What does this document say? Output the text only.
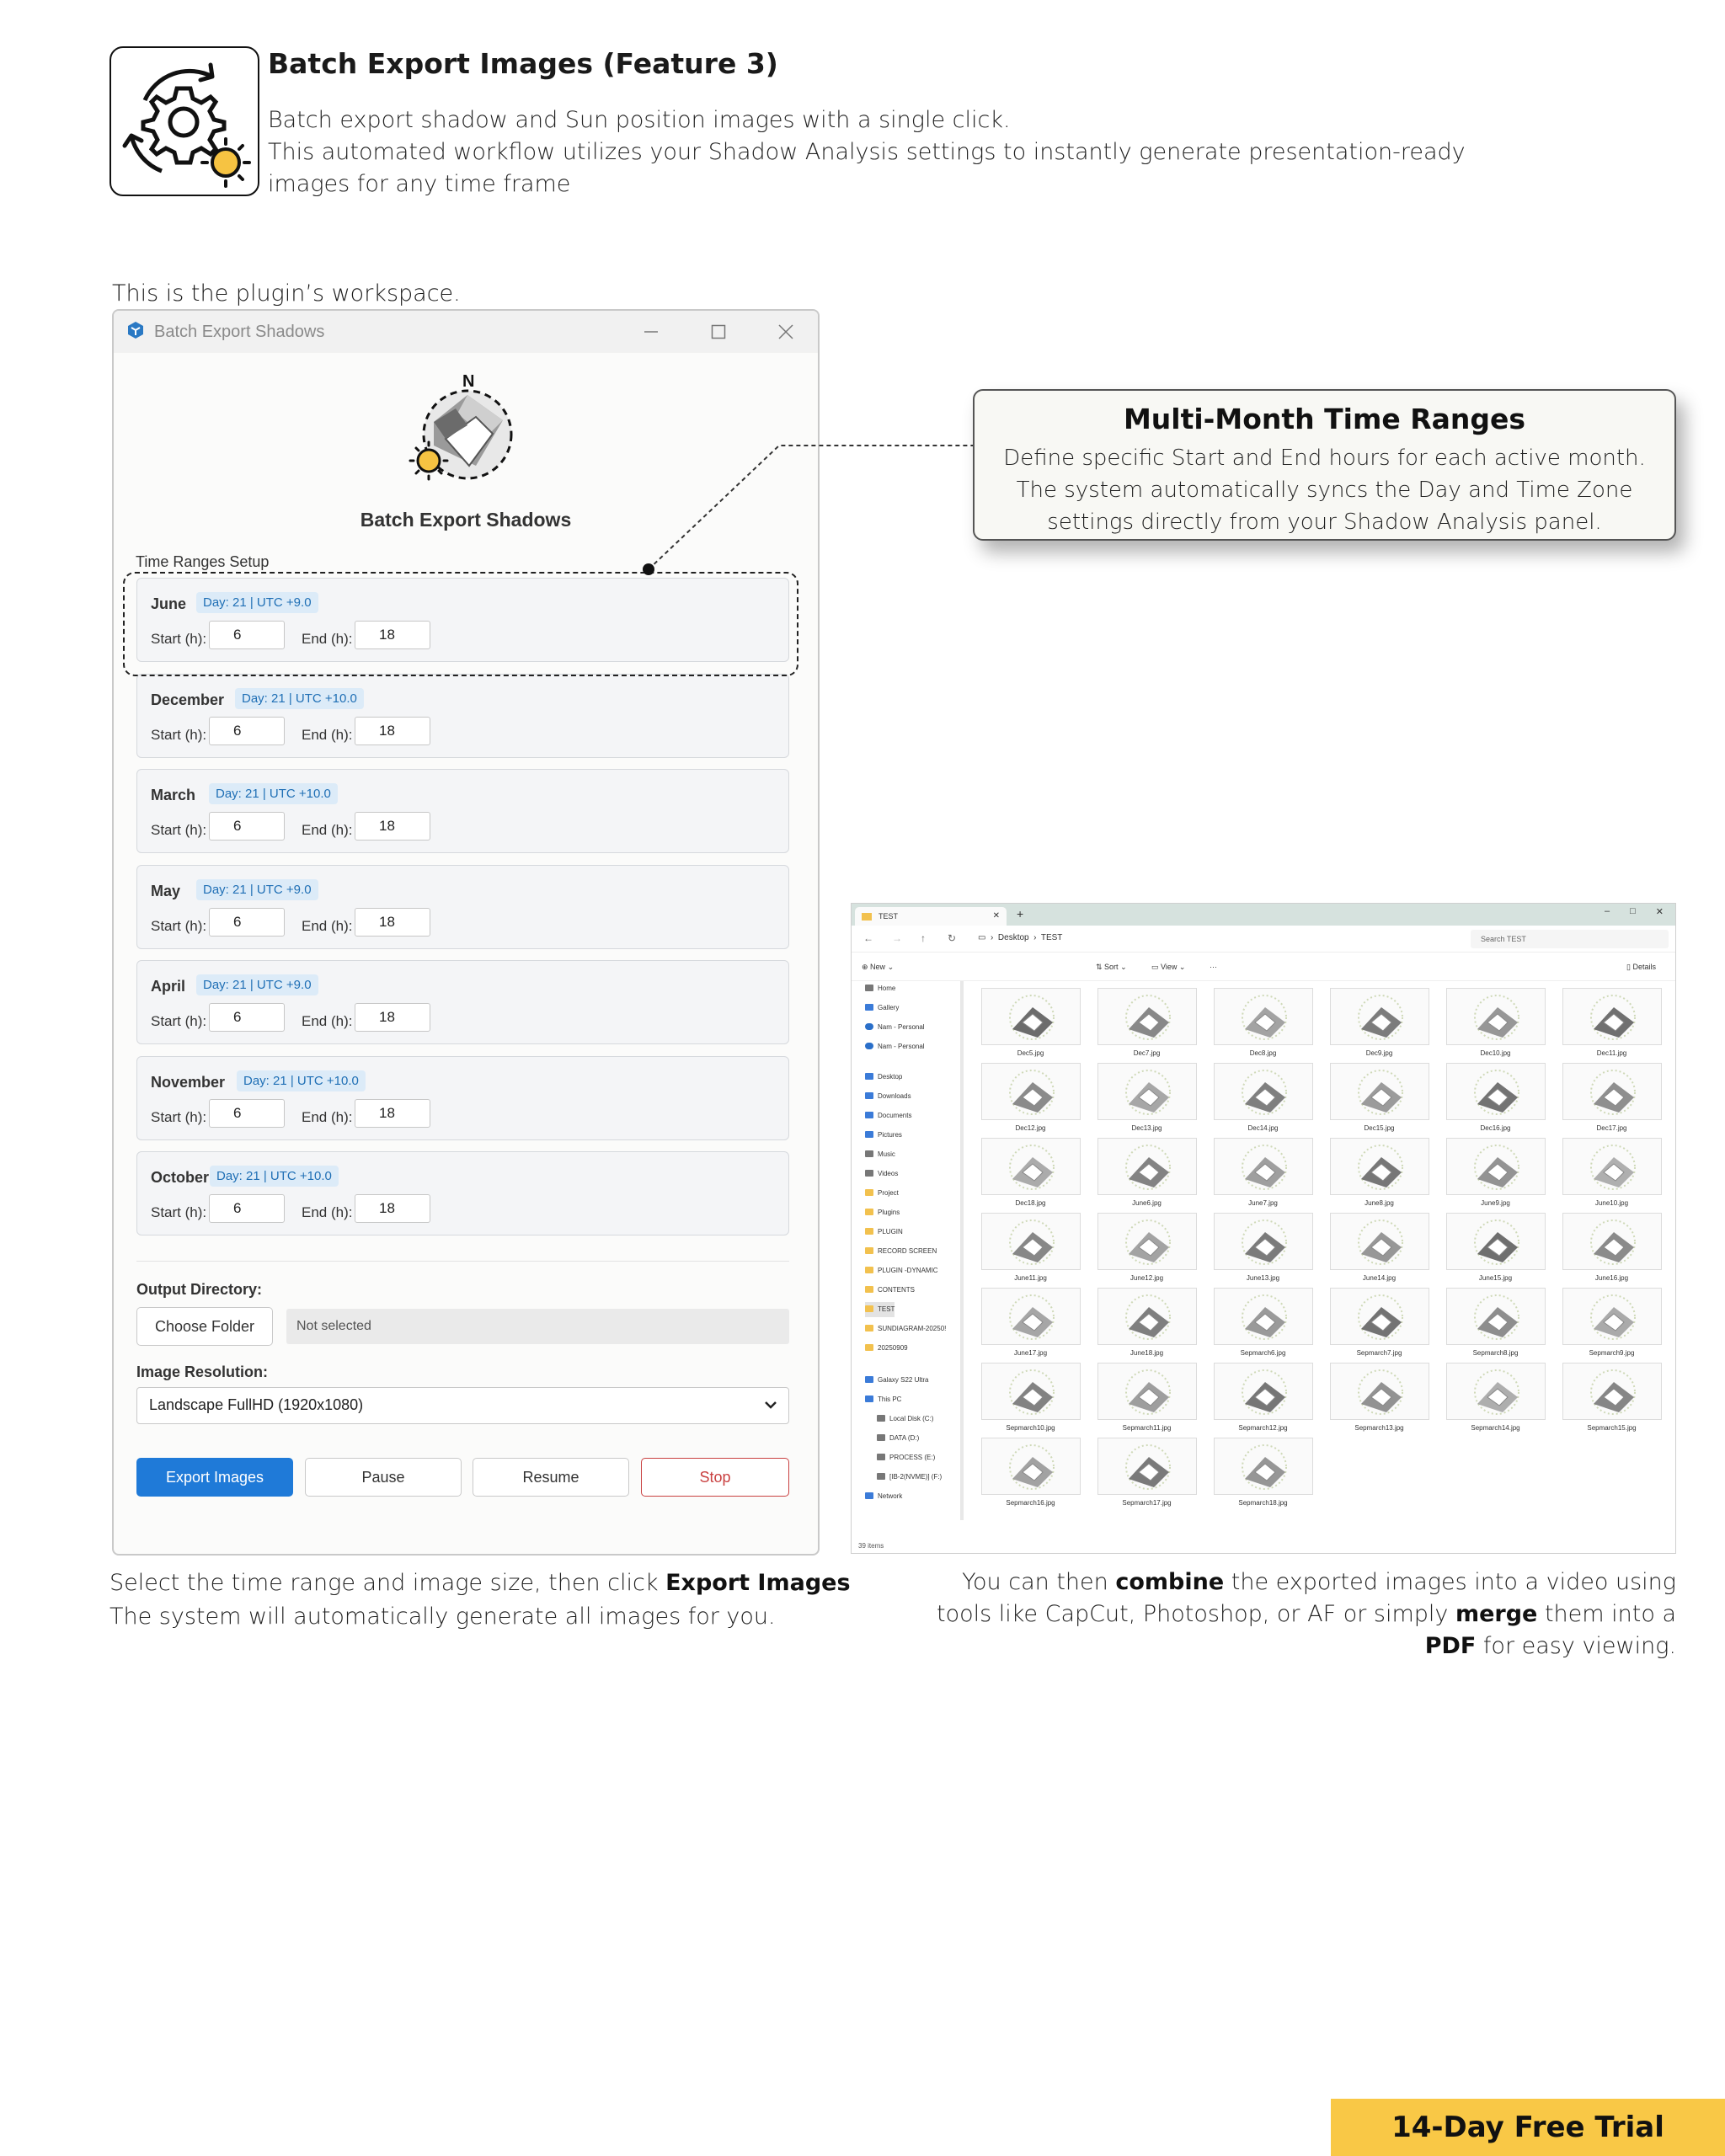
Batch Export Images (Feature 3)
Batch export shadow and Sun position images with a single click.
This automated workflow utilizes your Shadow Analysis settings to instantly generate presentation-ready images for any time frame
This is the plugin’s workspace.
Batch Export Shadows
N
Batch Export Shadows
Time Ranges Setup
June	Day: 21 | UTC +9.0
Start (h):	6	End (h):	18
December	Day: 21 | UTC +10.0
Start (h):	6	End (h):	18
March	Day: 21 | UTC +10.0
Start (h):	6	End (h):	18
May	Day: 21 | UTC +9.0
Start (h):	6	End (h):	18
April	Day: 21 | UTC +9.0
Start (h):	6	End (h):	18
November	Day: 21 | UTC +10.0
Start (h):	6	End (h):	18
October Day: 21 | UTC +10.0
Start (h):	6	End (h):	18
Output Directory:
Choose Folder	Not selected
Image Resolution:
Landscape FullHD (1920x1080)
Export Images	Pause	Resume	Stop
Multi-Month Time Ranges
Define specific Start and End hours for each active month.
The system automatically syncs the Day and Time Zone
settings directly from your Shadow Analysis panel.
TEST	✕ +	– □ ✕
← → ↑ ↻	▭  ›  Desktop  ›  TEST	Search TEST
⊕ New ⌄	⇅ Sort ⌄	▭ View ⌄	···	▯ Details
Home
Gallery
Nam - Personal
Nam - Personal
Desktop
Downloads
Documents
Pictures
Music
Videos
Project
Plugins
PLUGIN
RECORD SCREEN
PLUGIN -DYNAMIC
CONTENTS
TEST
SUNDIAGRAM-20250!
20250909
Galaxy S22 Ultra
This PC
Local Disk (C:)
DATA (D:)
PROCESS (E:)
[IB-2(NVME)] (F:)
Network
Dec5.jpg	Dec7.jpg	Dec8.jpg	Dec9.jpg	Dec10.jpg	Dec11.jpg
Dec12.jpg	Dec13.jpg	Dec14.jpg	Dec15.jpg	Dec16.jpg	Dec17.jpg
Dec18.jpg	June6.jpg	June7.jpg	June8.jpg	June9.jpg	June10.jpg
June11.jpg	June12.jpg	June13.jpg	June14.jpg	June15.jpg	June16.jpg
June17.jpg	June18.jpg	Sepmarch6.jpg	Sepmarch7.jpg	Sepmarch8.jpg	Sepmarch9.jpg
Sepmarch10.jpg	Sepmarch11.jpg	Sepmarch12.jpg	Sepmarch13.jpg	Sepmarch14.jpg	Sepmarch15.jpg
Sepmarch16.jpg	Sepmarch17.jpg	Sepmarch18.jpg
39 items
Select the time range and image size, then click Export Images
The system will automatically generate all images for you.
You can then combine the exported images into a video using tools like CapCut, Photoshop, or AF or simply merge them into a PDF for easy viewing.
14-Day Free Trial
